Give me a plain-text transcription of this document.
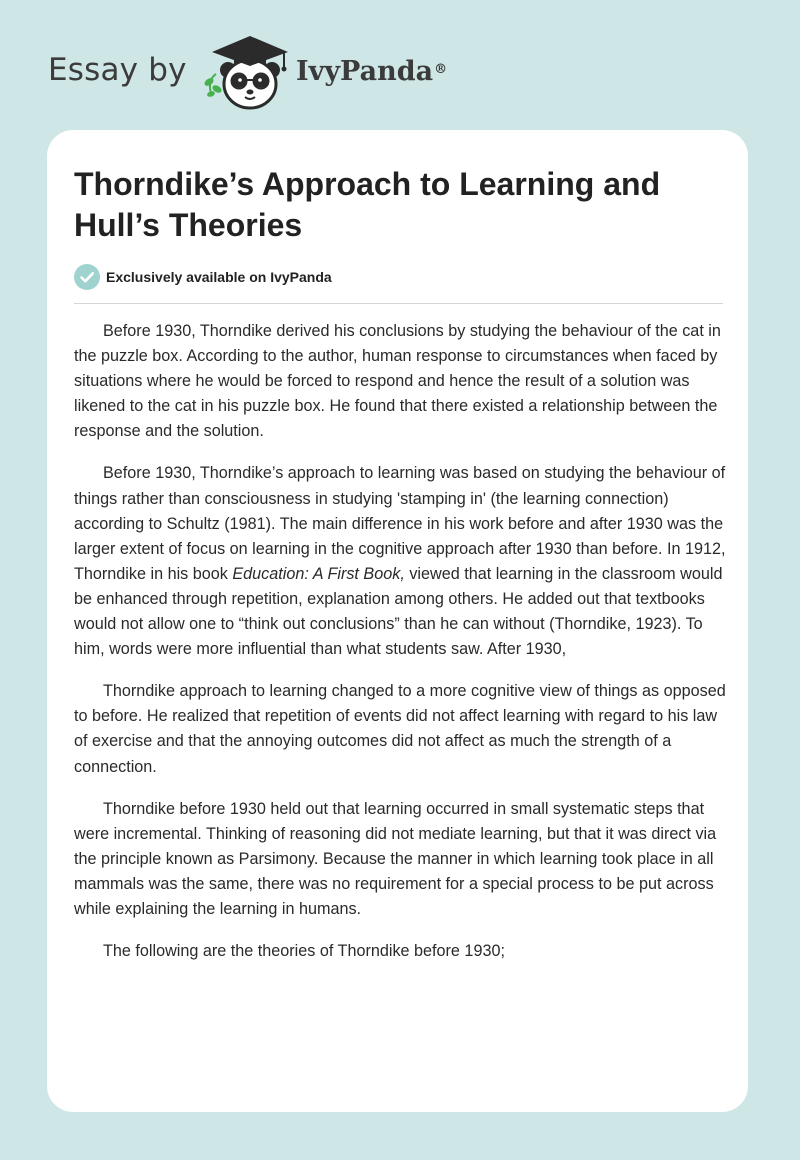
Essay by	IvyPanda®
Thorndike’s Approach to Learning and Hull’s Theories
Exclusively available on IvyPanda

Before 1930, Thorndike derived his conclusions by studying the behaviour of the cat in the puzzle box. According to the author, human response to circumstances when faced by situations where he would be forced to respond and hence the result of a solution was likened to the cat in his puzzle box. He found that there existed a relationship between the response and the solution.

Before 1930, Thorndike’s approach to learning was based on studying the behaviour of things rather than consciousness in studying 'stamping in' (the learning connection) according to Schultz (1981). The main difference in his work before and after 1930 was the larger extent of focus on learning in the cognitive approach after 1930 than before. In 1912, Thorndike in his book Education: A First Book, viewed that learning in the classroom would be enhanced through repetition, explanation among others. He added out that textbooks would not allow one to “think out conclusions” than he can without (Thorndike, 1923). To him, words were more influential than what students saw. After 1930,

Thorndike approach to learning changed to a more cognitive view of things as opposed to before. He realized that repetition of events did not affect learning with regard to his law of exercise and that the annoying outcomes did not affect as much the strength of a connection.

Thorndike before 1930 held out that learning occurred in small systematic steps that were incremental. Thinking of reasoning did not mediate learning, but that it was direct via the principle known as Parsimony. Because the manner in which learning took place in all mammals was the same, there was no requirement for a special process to be put across while explaining the learning in humans.

The following are the theories of Thorndike before 1930;
